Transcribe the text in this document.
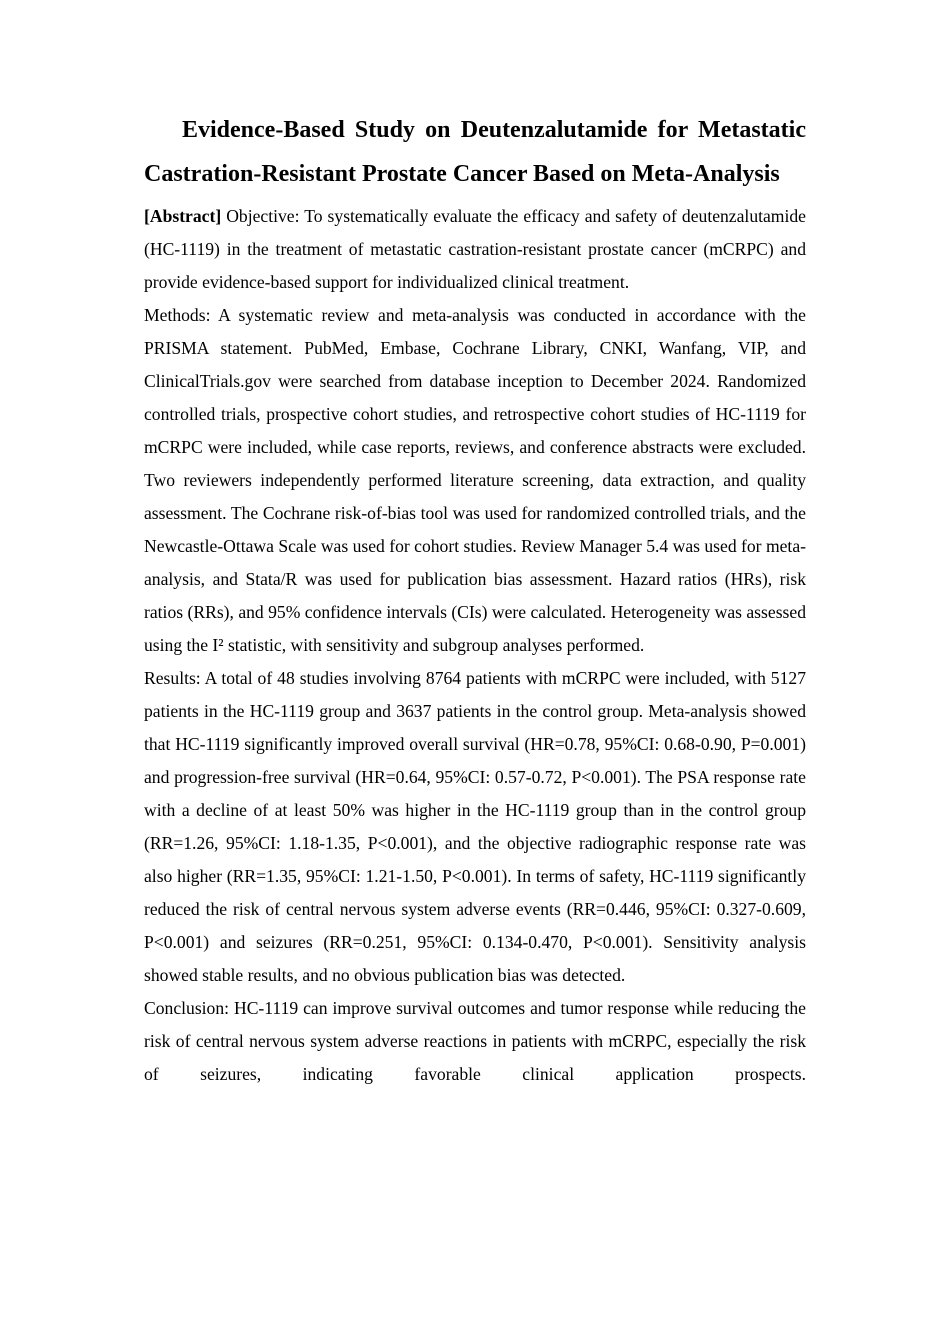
Evidence-Based Study on Deutenzalutamide for Metastatic Castration-Resistant Prostate Cancer Based on Meta-Analysis

[Abstract] Objective: To systematically evaluate the efficacy and safety of deutenzalutamide (HC-1119) in the treatment of metastatic castration-resistant prostate cancer (mCRPC) and provide evidence-based support for individualized clinical treatment.

Methods: A systematic review and meta-analysis was conducted in accordance with the PRISMA statement. PubMed, Embase, Cochrane Library, CNKI, Wanfang, VIP, and ClinicalTrials.gov were searched from database inception to December 2024. Randomized controlled trials, prospective cohort studies, and retrospective cohort studies of HC-1119 for mCRPC were included, while case reports, reviews, and conference abstracts were excluded. Two reviewers independently performed literature screening, data extraction, and quality assessment. The Cochrane risk-of-bias tool was used for randomized controlled trials, and the Newcastle-Ottawa Scale was used for cohort studies. Review Manager 5.4 was used for meta-analysis, and Stata/R was used for publication bias assessment. Hazard ratios (HRs), risk ratios (RRs), and 95% confidence intervals (CIs) were calculated. Heterogeneity was assessed using the I² statistic, with sensitivity and subgroup analyses performed.

Results: A total of 48 studies involving 8764 patients with mCRPC were included, with 5127 patients in the HC-1119 group and 3637 patients in the control group. Meta-analysis showed that HC-1119 significantly improved overall survival (HR=0.78, 95%CI: 0.68-0.90, P=0.001) and progression-free survival (HR=0.64, 95%CI: 0.57-0.72, P<0.001). The PSA response rate with a decline of at least 50% was higher in the HC-1119 group than in the control group (RR=1.26, 95%CI: 1.18-1.35, P<0.001), and the objective radiographic response rate was also higher (RR=1.35, 95%CI: 1.21-1.50, P<0.001). In terms of safety, HC-1119 significantly reduced the risk of central nervous system adverse events (RR=0.446, 95%CI: 0.327-0.609, P<0.001) and seizures (RR=0.251, 95%CI: 0.134-0.470, P<0.001). Sensitivity analysis showed stable results, and no obvious publication bias was detected.

Conclusion: HC-1119 can improve survival outcomes and tumor response while reducing the risk of central nervous system adverse reactions in patients with mCRPC, especially the risk of seizures, indicating favorable clinical application prospects.
